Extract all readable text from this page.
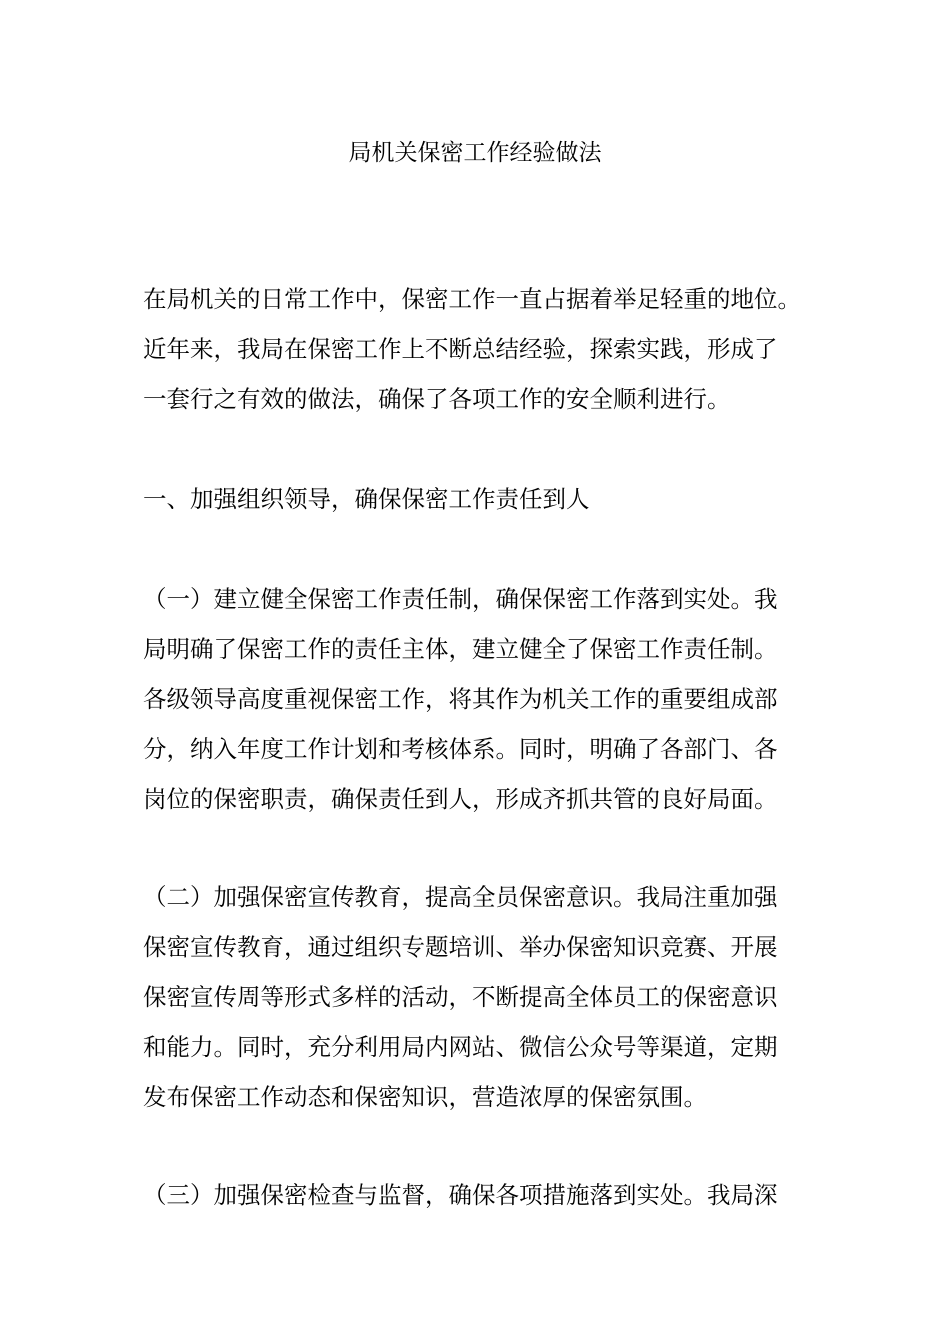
局机关保密工作经验做法

在局机关的日常工作中，保密工作一直占据着举足轻重的地位。
近年来，我局在保密工作上不断总结经验，探索实践，形成了
一套行之有效的做法，确保了各项工作的安全顺利进行。

一、加强组织领导，确保保密工作责任到人

（一）建立健全保密工作责任制，确保保密工作落到实处。我
局明确了保密工作的责任主体，建立健全了保密工作责任制。
各级领导高度重视保密工作，将其作为机关工作的重要组成部
分，纳入年度工作计划和考核体系。同时，明确了各部门、各
岗位的保密职责，确保责任到人，形成齐抓共管的良好局面。

（二）加强保密宣传教育，提高全员保密意识。我局注重加强
保密宣传教育，通过组织专题培训、举办保密知识竞赛、开展
保密宣传周等形式多样的活动，不断提高全体员工的保密意识
和能力。同时，充分利用局内网站、微信公众号等渠道，定期
发布保密工作动态和保密知识，营造浓厚的保密氛围。

（三）加强保密检查与监督，确保各项措施落到实处。我局深
